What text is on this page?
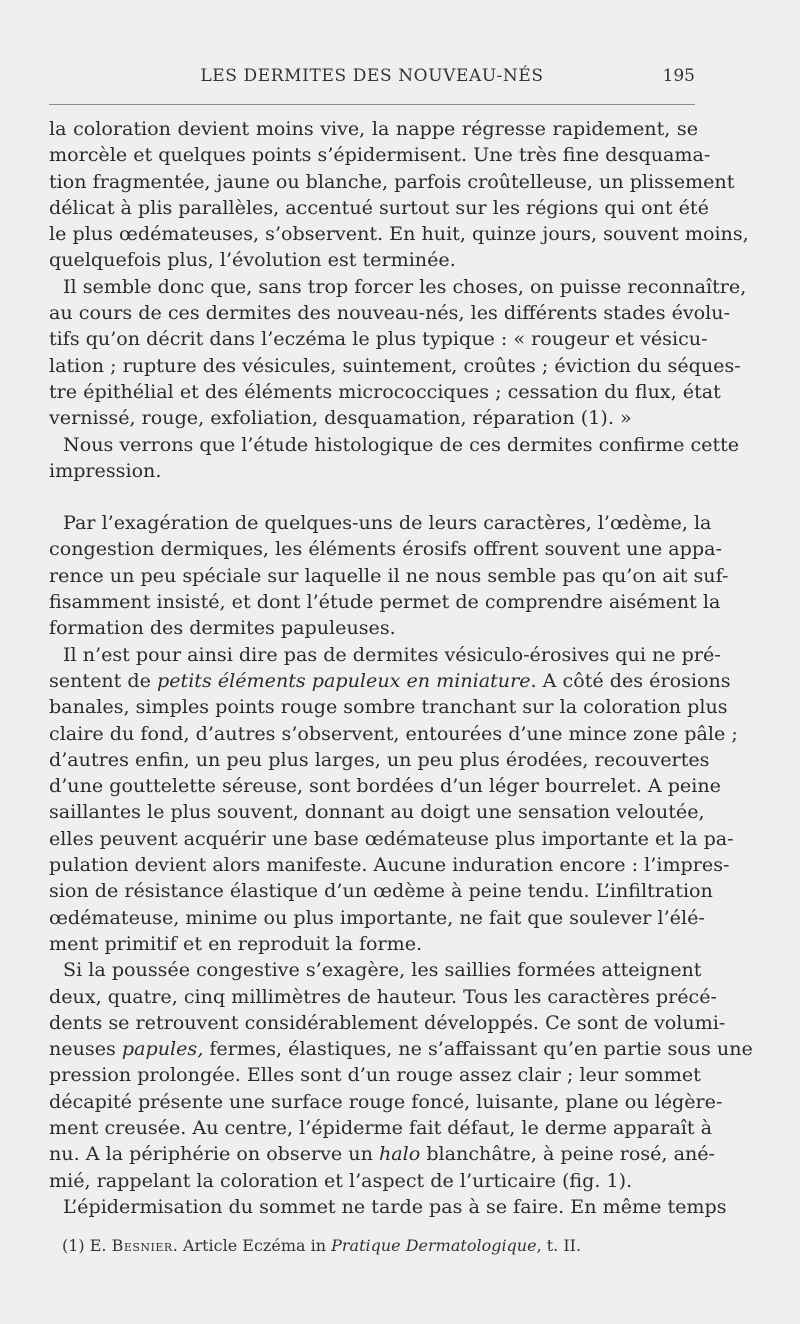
LES DERMITES DES NOUVEAU-NÉS	195
la coloration devient moins vive, la nappe régresse rapidement, se
morcèle et quelques points s’épidermisent. Une très fine desquama-
tion fragmentée, jaune ou blanche, parfois croûtelleuse, un plissement
délicat à plis parallèles, accentué surtout sur les régions qui ont été
le plus œdémateuses, s’observent. En huit, quinze jours, souvent moins,
quelquefois plus, l’évolution est terminée.
Il semble donc que, sans trop forcer les choses, on puisse reconnaître,
au cours de ces dermites des nouveau-nés, les différents stades évolu-
tifs qu’on décrit dans l’eczéma le plus typique : « rougeur et vésicu-
lation ; rupture des vésicules, suintement, croûtes ; éviction du séques-
tre épithélial et des éléments micrococciques ; cessation du flux, état
vernissé, rouge, exfoliation, desquamation, réparation (1). »
Nous verrons que l’étude histologique de ces dermites confirme cette
impression.
Par l’exagération de quelques-uns de leurs caractères, l’œdème, la
congestion dermiques, les éléments érosifs offrent souvent une appa-
rence un peu spéciale sur laquelle il ne nous semble pas qu’on ait suf-
fisamment insisté, et dont l’étude permet de comprendre aisément la
formation des dermites papuleuses.
Il n’est pour ainsi dire pas de dermites vésiculo-érosives qui ne pré-
sentent de petits éléments papuleux en miniature. A côté des érosions
banales, simples points rouge sombre tranchant sur la coloration plus
claire du fond, d’autres s’observent, entourées d’une mince zone pâle ;
d’autres enfin, un peu plus larges, un peu plus érodées, recouvertes
d’une gouttelette séreuse, sont bordées d’un léger bourrelet. A peine
saillantes le plus souvent, donnant au doigt une sensation veloutée,
elles peuvent acquérir une base œdémateuse plus importante et la pa-
pulation devient alors manifeste. Aucune induration encore : l’impres-
sion de résistance élastique d’un œdème à peine tendu. L’infiltration
œdémateuse, minime ou plus importante, ne fait que soulever l’élé-
ment primitif et en reproduit la forme.
Si la poussée congestive s’exagère, les saillies formées atteignent
deux, quatre, cinq millimètres de hauteur. Tous les caractères précé-
dents se retrouvent considérablement développés. Ce sont de volumi-
neuses papules, fermes, élastiques, ne s’affaissant qu’en partie sous une
pression prolongée. Elles sont d’un rouge assez clair ; leur sommet
décapité présente une surface rouge foncé, luisante, plane ou légère-
ment creusée. Au centre, l’épiderme fait défaut, le derme apparaît à
nu. A la périphérie on observe un halo blanchâtre, à peine rosé, ané-
mié, rappelant la coloration et l’aspect de l’urticaire (fig. 1).
L’épidermisation du sommet ne tarde pas à se faire. En même temps
(1) E. Besnier. Article Eczéma in Pratique Dermatologique, t. II.
